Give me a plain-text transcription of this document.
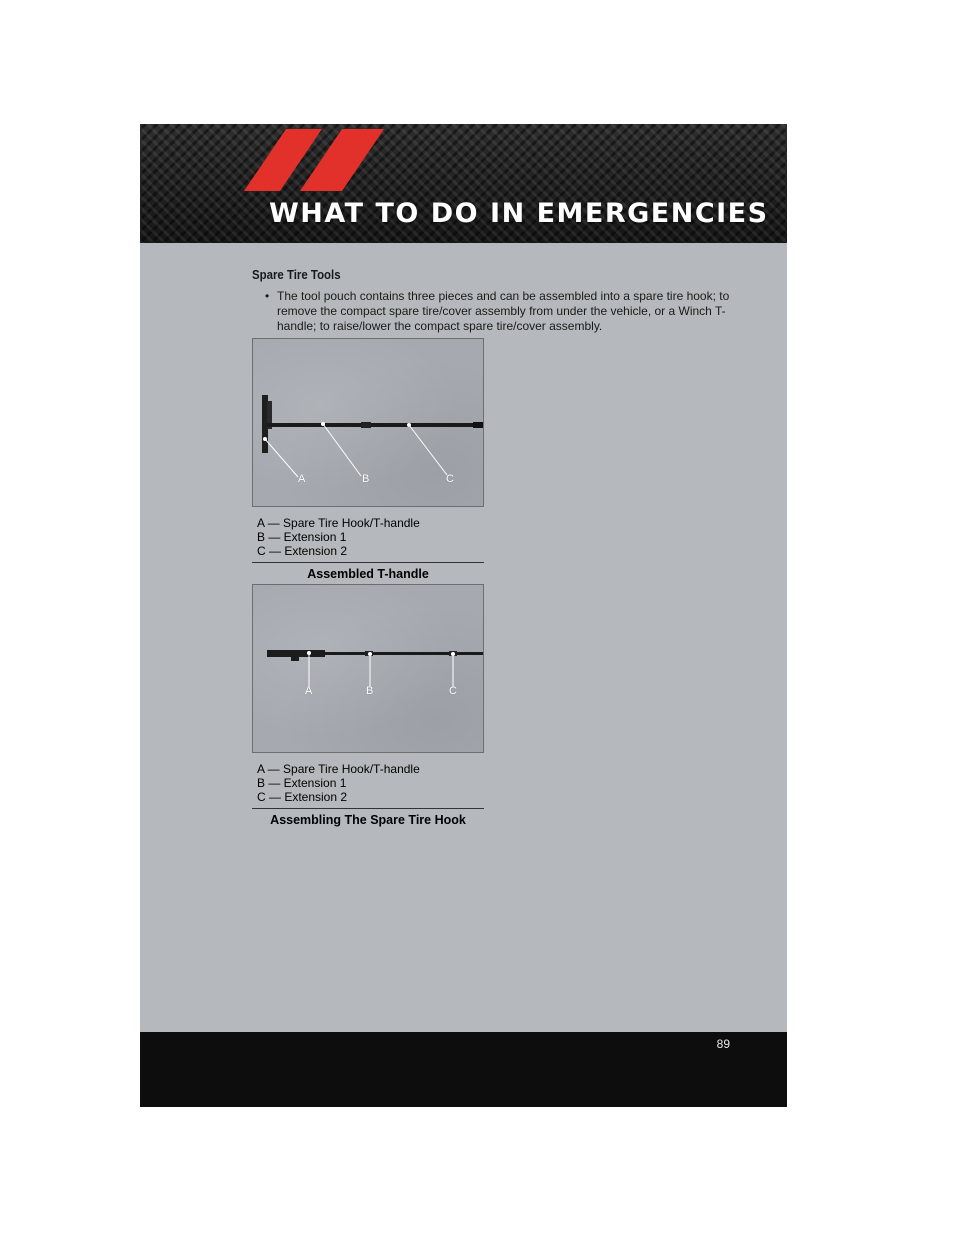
WHAT TO DO IN EMERGENCIES
Spare Tire Tools
• The tool pouch contains three pieces and can be assembled into a spare tire hook; to remove the compact spare tire/cover assembly from under the vehicle, or a Winch T-handle; to raise/lower the compact spare tire/cover assembly.
A	B	C
A — Spare Tire Hook/T-handle
B — Extension 1
C — Extension 2
Assembled T-handle
A	B	C
A — Spare Tire Hook/T-handle
B — Extension 1
C — Extension 2
Assembling The Spare Tire Hook
89
